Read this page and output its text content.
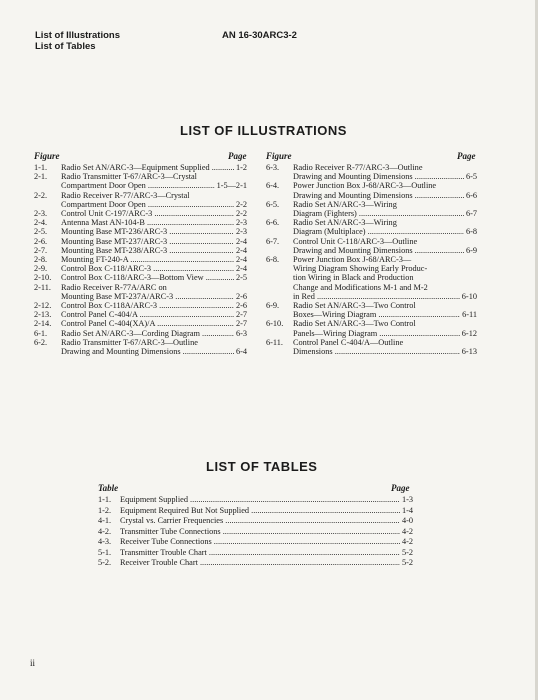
List of Illustrations
List of Tables
AN 16-30ARC3-2
LIST OF ILLUSTRATIONS
Figure	Page Figure	Page
1-1.	Radio Set AN/ARC-3—Equipment Supplied .....	1-2
2-1.	Radio Transmitter T-67/ARC-3—Crystal
Compartment Door Open .....	1-5—2-1
2-2.	Radio Receiver R-77/ARC-3—Crystal
Compartment Door Open .....	2-2
2-3.	Control Unit C-197/ARC-3 .....	2-2
2-4.	Antenna Mast AN-104-B .....	2-3
2-5.	Mounting Base MT-236/ARC-3 .....	2-3
2-6.	Mounting Base MT-237/ARC-3 .....	2-4
2-7.	Mounting Base MT-238/ARC-3 .....	2-4
2-8.	Mounting FT-240-A .....	2-4
2-9.	Control Box C-118/ARC-3 .....	2-4
2-10.	Control Box C-118/ARC-3—Bottom View .....	2-5
2-11.	Radio Receiver R-77A/ARC on
Mounting Base MT-237A/ARC-3 .....	2-6
2-12.	Control Box C-118A/ARC-3 .....	2-6
2-13.	Control Panel C-404/A .....	2-7
2-14.	Control Panel C-404(XA)/A .....	2-7
6-1.	Radio Set AN/ARC-3—Cording Diagram .....	6-3
6-2.	Radio Transmitter T-67/ARC-3—Outline
Drawing and Mounting Dimensions .....	6-4
6-3.	Radio Receiver R-77/ARC-3—Outline
Drawing and Mounting Dimensions .....	6-5
6-4.	Power Junction Box J-68/ARC-3—Outline
Drawing and Mounting Dimensions .....	6-6
6-5.	Radio Set AN/ARC-3—Wiring
Diagram (Fighters) .....	6-7
6-6.	Radio Set AN/ARC-3—Wiring
Diagram (Multiplace) .....	6-8
6-7.	Control Unit C-118/ARC-3—Outline
Drawing and Mounting Dimensions .....	6-9
6-8.	Power Junction Box J-68/ARC-3—
Wiring Diagram Showing Early Produc-
tion Wiring in Black and Production
Change and Modifications M-1 and M-2
in Red .....	6-10
6-9.	Radio Set AN/ARC-3—Two Control
Boxes—Wiring Diagram .....	6-11
6-10.	Radio Set AN/ARC-3—Two Control
Panels—Wiring Diagram .....	6-12
6-11.	Control Panel C-404/A—Outline
Dimensions .....	6-13
LIST OF TABLES
Table	Page
1-1.	Equipment Supplied .....	1-3
1-2.	Equipment Required But Not Supplied .....	1-4
4-1.	Crystal vs. Carrier Frequencies .....	4-0
4-2.	Transmitter Tube Connections .....	4-2
4-3.	Receiver Tube Connections .....	4-2
5-1.	Transmitter Trouble Chart .....	5-2
5-2.	Receiver Trouble Chart .....	5-2
ii
